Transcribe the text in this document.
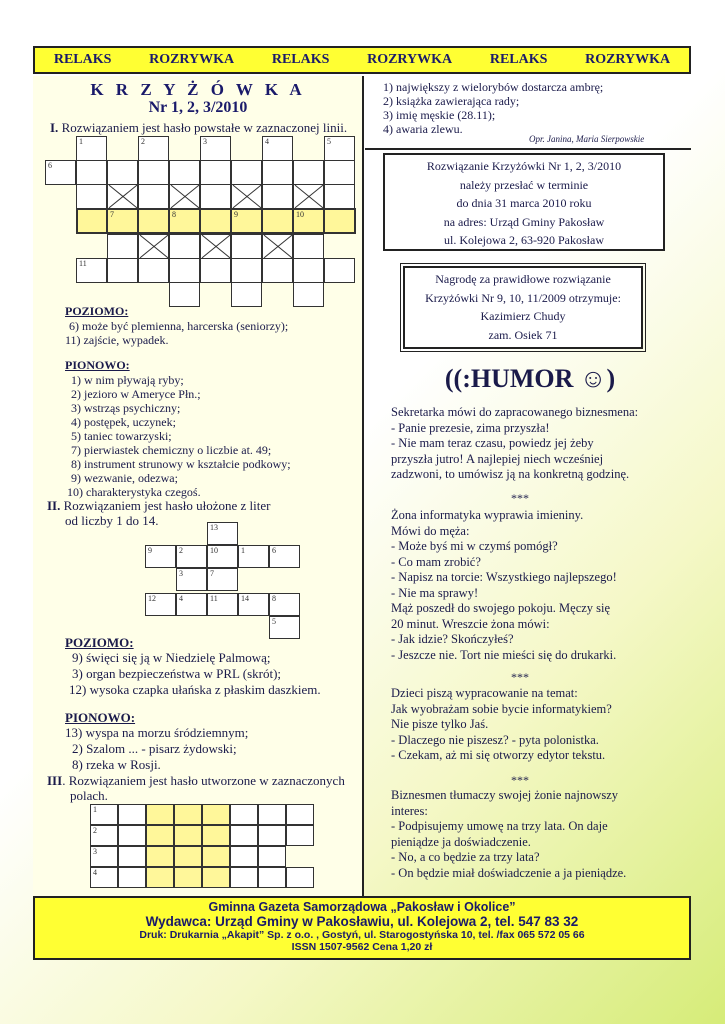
RELAKS	ROZRYWKA	RELAKS	ROZRYWKA	RELAKS	ROZRYWKA
K R Z Y Ż Ó W K A
Nr 1, 2, 3/2010
I. Rozwiązaniem jest hasło powstałe w zaznaczonej linii.
1	2	3	4	5
6
7	8	9	10
11
POZIOMO:
6) może być plemienna, harcerska (seniorzy);
11) zajście, wypadek.
PIONOWO:
1) w nim pływają ryby;
2) jezioro w Ameryce Płn.;
3) wstrząs psychiczny;
4) postępek, uczynek;
5) taniec towarzyski;
7) pierwiastek chemiczny o liczbie at. 49;
8) instrument strunowy w kształcie podkowy;
9) wezwanie, odezwa;
10) charakterystyka czegoś.
II. Rozwiązaniem jest hasło ułożone z liter
od liczby 1 do 14.	13
9	2	10	1	6
3	7
12	4	11	14	8
5
POZIOMO:
9) święci się ją w Niedzielę Palmową;
3) organ bezpieczeństwa w PRL (skrót);
12) wysoka czapka ułańska z płaskim daszkiem.
PIONOWO:
13) wyspa na morzu śródziemnym;
2) Szalom ... - pisarz żydowski;
8) rzeka w Rosji.
III. Rozwiązaniem jest hasło utworzone w zaznaczonych
polach.
1
2
3
4
1) największy z wielorybów dostarcza ambrę;
2) książka zawierająca rady;
3) imię męskie (28.11);
4) awaria zlewu.
Opr. Janina, Maria Sierpowskie
Rozwiązanie Krzyżówki Nr 1, 2, 3/2010
należy przesłać w terminie
do dnia 31 marca 2010 roku
na adres: Urząd Gminy Pakosław
ul. Kolejowa 2, 63-920 Pakosław
Nagrodę za prawidłowe rozwiązanie
Krzyżówki Nr 9, 10, 11/2009 otrzymuje:
Kazimierz Chudy
zam. Osiek 71
((:HUMOR ☺)
Sekretarka mówi do zapracowanego biznesmena:
- Panie prezesie, zima przyszła!
- Nie mam teraz czasu, powiedz jej żeby
przyszła jutro! A najlepiej niech wcześniej
zadzwoni, to umówisz ją na konkretną godzinę.
***
Żona informatyka wyprawia imieniny.
Mówi do męża:
- Może byś mi w czymś pomógł?
- Co mam zrobić?
- Napisz na torcie: Wszystkiego najlepszego!
- Nie ma sprawy!
Mąż poszedł do swojego pokoju. Męczy się
20 minut. Wreszcie żona mówi:
- Jak idzie? Skończyłeś?
- Jeszcze nie. Tort nie mieści się do drukarki.
***
Dzieci piszą wypracowanie na temat:
Jak wyobrażam sobie bycie informatykiem?
Nie pisze tylko Jaś.
- Dlaczego nie piszesz? - pyta polonistka.
- Czekam, aż mi się otworzy edytor tekstu.
***
Biznesmen tłumaczy swojej żonie najnowszy
interes:
- Podpisujemy umowę na trzy lata. On daje
pieniądze ja doświadczenie.
- No, a co będzie za trzy lata?
- On będzie miał doświadczenie a ja pieniądze.
Gminna Gazeta Samorządowa „Pakosław i Okolice”
Wydawca: Urząd Gminy w Pakosławiu, ul. Kolejowa 2, tel. 547 83 32
Druk: Drukarnia „Akapit” Sp. z o.o. , Gostyń, ul. Starogostyńska 10, tel. /fax 065 572 05 66
ISSN 1507-9562 Cena 1,20 zł
